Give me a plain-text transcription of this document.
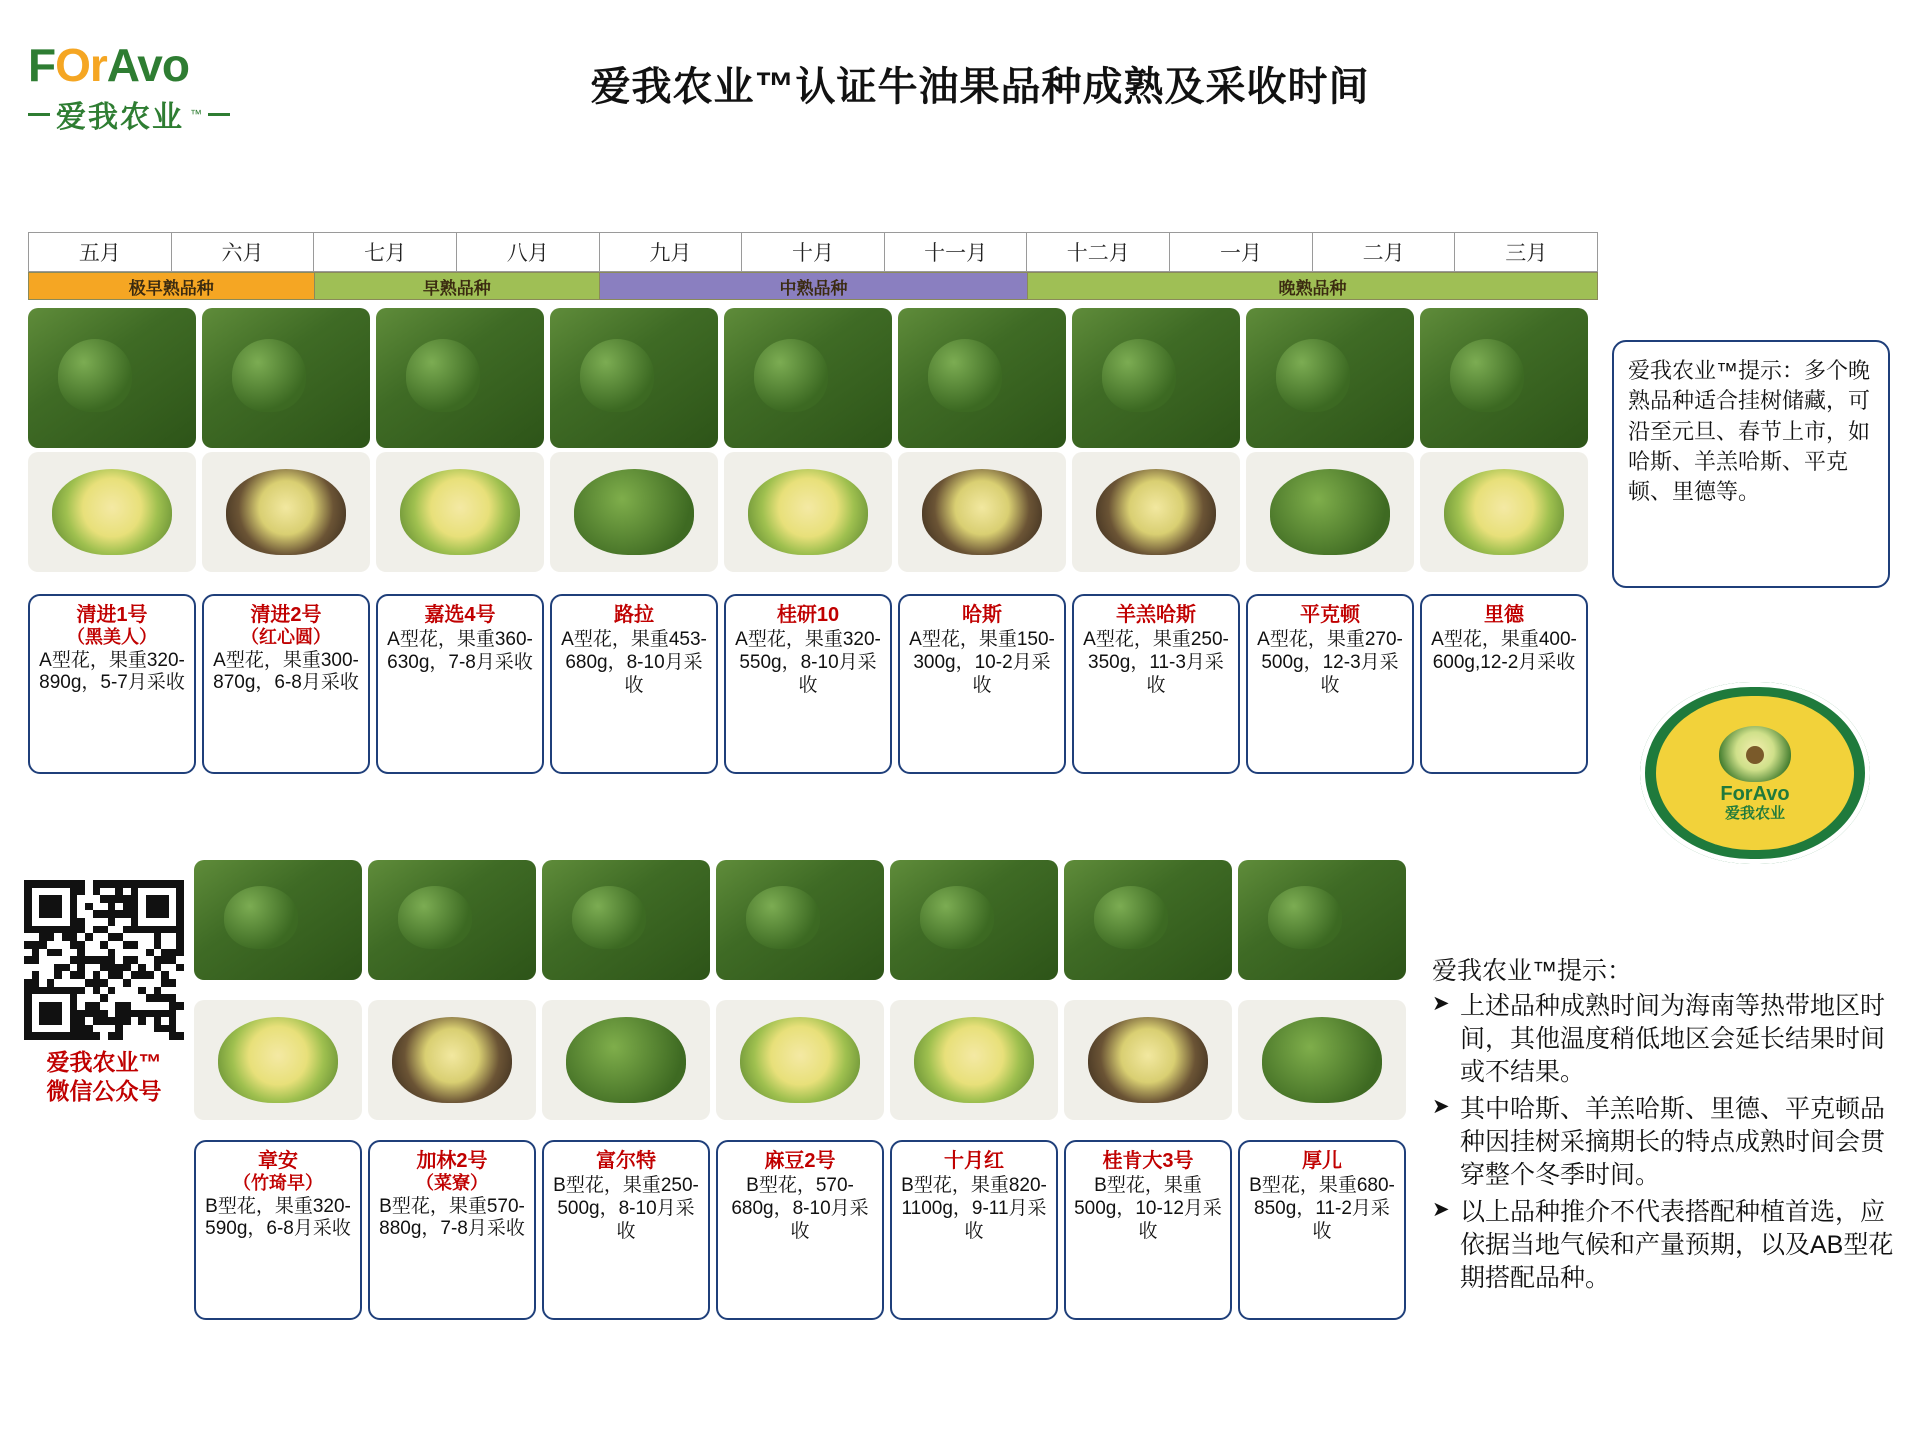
FOrAvo
爱我农业 ™
爱我农业™认证牛油果品种成熟及采收时间
五月	六月	七月	八月	九月	十月	十一月	十二月	一月	二月	三月
极早熟品种	早熟品种	中熟品种	晚熟品种
清进1号
（黑美人）
A型花，果重320-890g，5-7月采收
清进2号
（红心圆）
A型花，果重300-870g，6-8月采收
嘉选4号
A型花，果重360-630g，7-8月采收
路拉
A型花，果重453-680g，8-10月采收
桂研10
A型花，果重320-550g，8-10月采收
哈斯
A型花，果重150-300g，10-2月采收
羊羔哈斯
A型花，果重250-350g，11-3月采收
平克顿
A型花，果重270-500g，12-3月采收
里德
A型花，果重400-600g,12-2月采收
章安
（竹琦早）
B型花，果重320-590g，6-8月采收
加林2号
（菜寮）
B型花，果重570-880g，7-8月采收
富尔特
B型花，果重250-500g，8-10月采收
麻豆2号
B型花，570-680g，8-10月采收
十月红
B型花，果重820-1100g，9-11月采收
桂肯大3号
B型花，果重500g，10-12月采收
厚儿
B型花，果重680-850g，11-2月采收
爱我农业™提示：多个晚熟品种适合挂树储藏，可沿至元旦、春节上市，如哈斯、羊羔哈斯、平克顿、里德等。
ForAvo
爱我农业
爱我农业™
微信公众号
爱我农业™提示：
➤ 上述品种成熟时间为海南等热带地区时间，其他温度稍低地区会延长结果时间或不结果。
➤ 其中哈斯、羊羔哈斯、里德、平克顿品种因挂树采摘期长的特点成熟时间会贯穿整个冬季时间。
➤ 以上品种推介不代表搭配种植首选，应依据当地气候和产量预期，以及AB型花期搭配品种。
